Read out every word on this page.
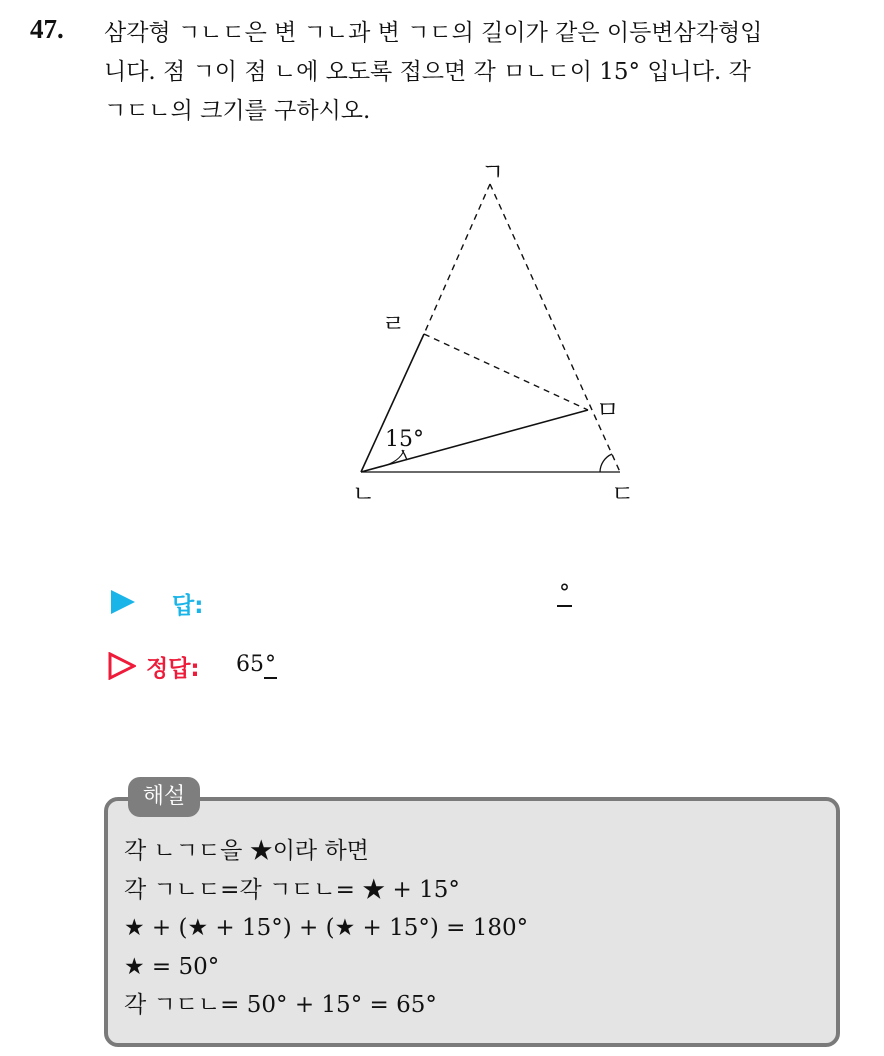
47. 삼각형 ㄱㄴㄷ은 변 ㄱㄴ과 변 ㄱㄷ의 길이가 같은 이등변삼각형입
니다. 점 ㄱ이 점 ㄴ에 오도록 접으면 각 ㅁㄴㄷ이 15° 입니다. 각
ㄱㄷㄴ의 크기를 구하시오.
ㄱ
ㄹ
ㅁ
ㄴ	ㄷ
15°
답:	°
정답: 65°
해설
각 ㄴㄱㄷ을 ★이라 하면
각 ㄱㄴㄷ=각 ㄱㄷㄴ= ★ + 15°
★ + (★ + 15°) + (★ + 15°) = 180°
★ = 50°
각 ㄱㄷㄴ= 50° + 15° = 65°
